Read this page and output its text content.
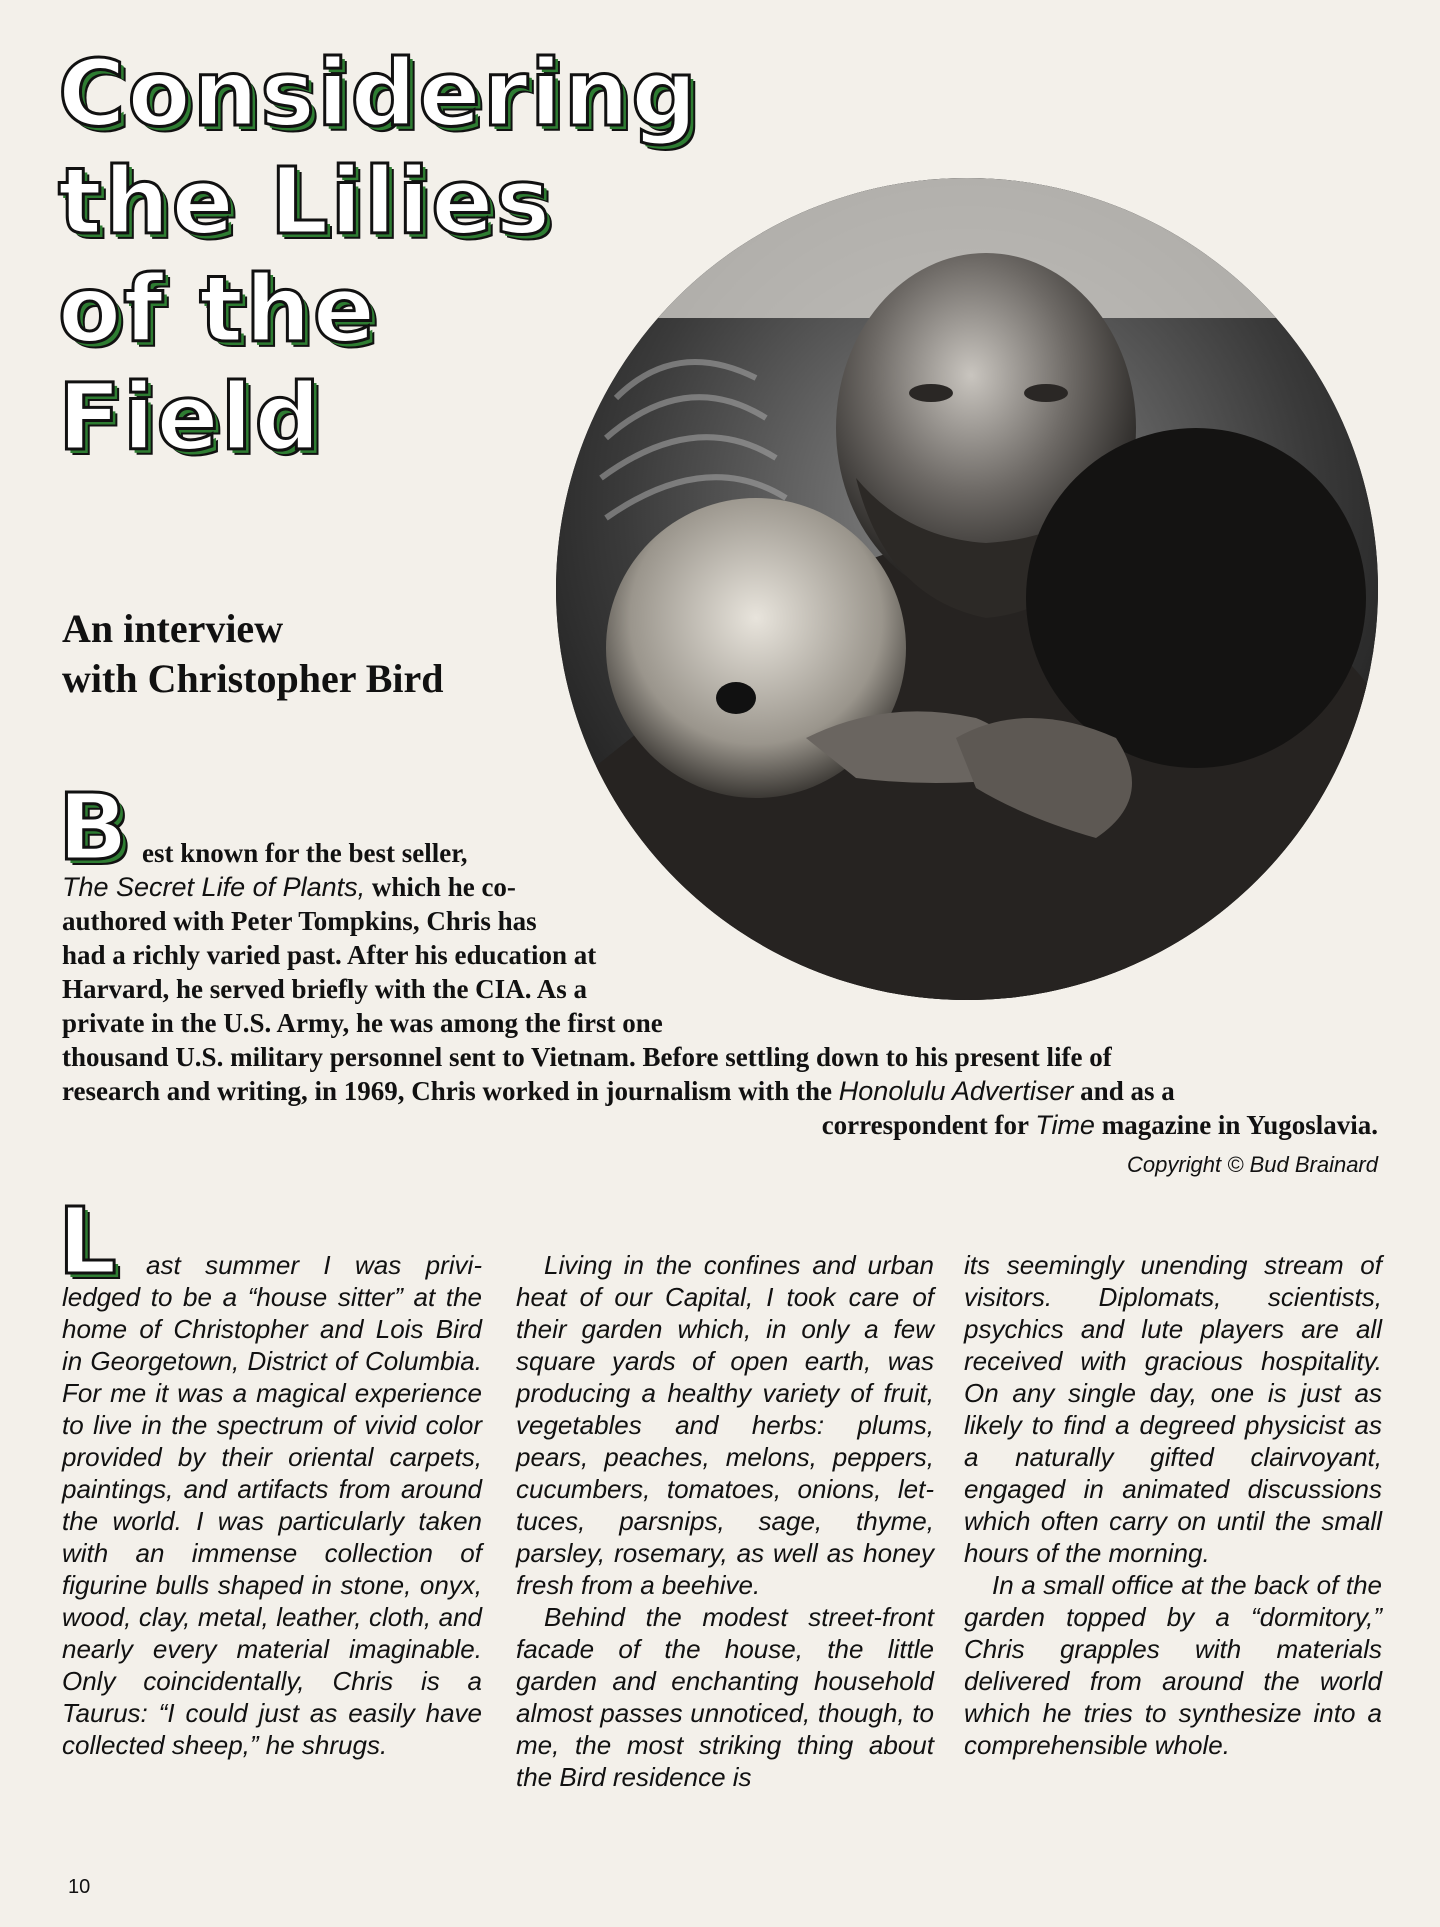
Considering
the Lilies
of the
Field
An interview
with Christopher Bird
B est known for the best seller,
The Secret Life of Plants, which he co-
authored with Peter Tompkins, Chris has
had a richly varied past. After his education at
Harvard, he served briefly with the CIA. As a
private in the U.S. Army, he was among the first one
thousand U.S. military personnel sent to Vietnam. Before settling down to his present life of
research and writing, in 1969, Chris worked in journalism with the Honolulu Advertiser and as a
correspondent for Time magazine in Yugoslavia.
Copyright © Bud Brainard
L	ast summer I was priviledged to be a “house sitter” at the home of Christopher and Lois Bird in Georgetown, District of Columbia. For me it was a magical experience to live in the spectrum of vivid color provided by their oriental carpets, paintings, and artifacts from around the world. I was particularly taken with an immense collection of figurine bulls shaped in stone, onyx, wood, clay, metal, leather, cloth, and nearly every material imaginable. Only coincidentally, Chris is a Taurus: “I could just as easily have collected sheep,” he shrugs.

Living in the confines and urban heat of our Capital, I took care of their garden which, in only a few square yards of open earth, was producing a healthy variety of fruit, vegetables and herbs: plums, pears, peaches, melons, peppers, cucumbers, tomatoes, onions, lettuces, parsnips, sage, thyme, parsley, rosemary, as well as honey fresh from a beehive.

Behind the modest street-front facade of the house, the little garden and enchanting household almost passes unnoticed, though, to me, the most striking thing about the Bird residence is

its seemingly unending stream of visitors. Diplomats, scientists, psychics and lute players are all received with gracious hospitality. On any single day, one is just as likely to find a degreed physicist as a naturally gifted clairvoyant, engaged in animated discussions which often carry on until the small hours of the morning.

In a small office at the back of the garden topped by a “dormitory,” Chris grapples with materials delivered from around the world which he tries to synthesize into a comprehensible whole.

10
